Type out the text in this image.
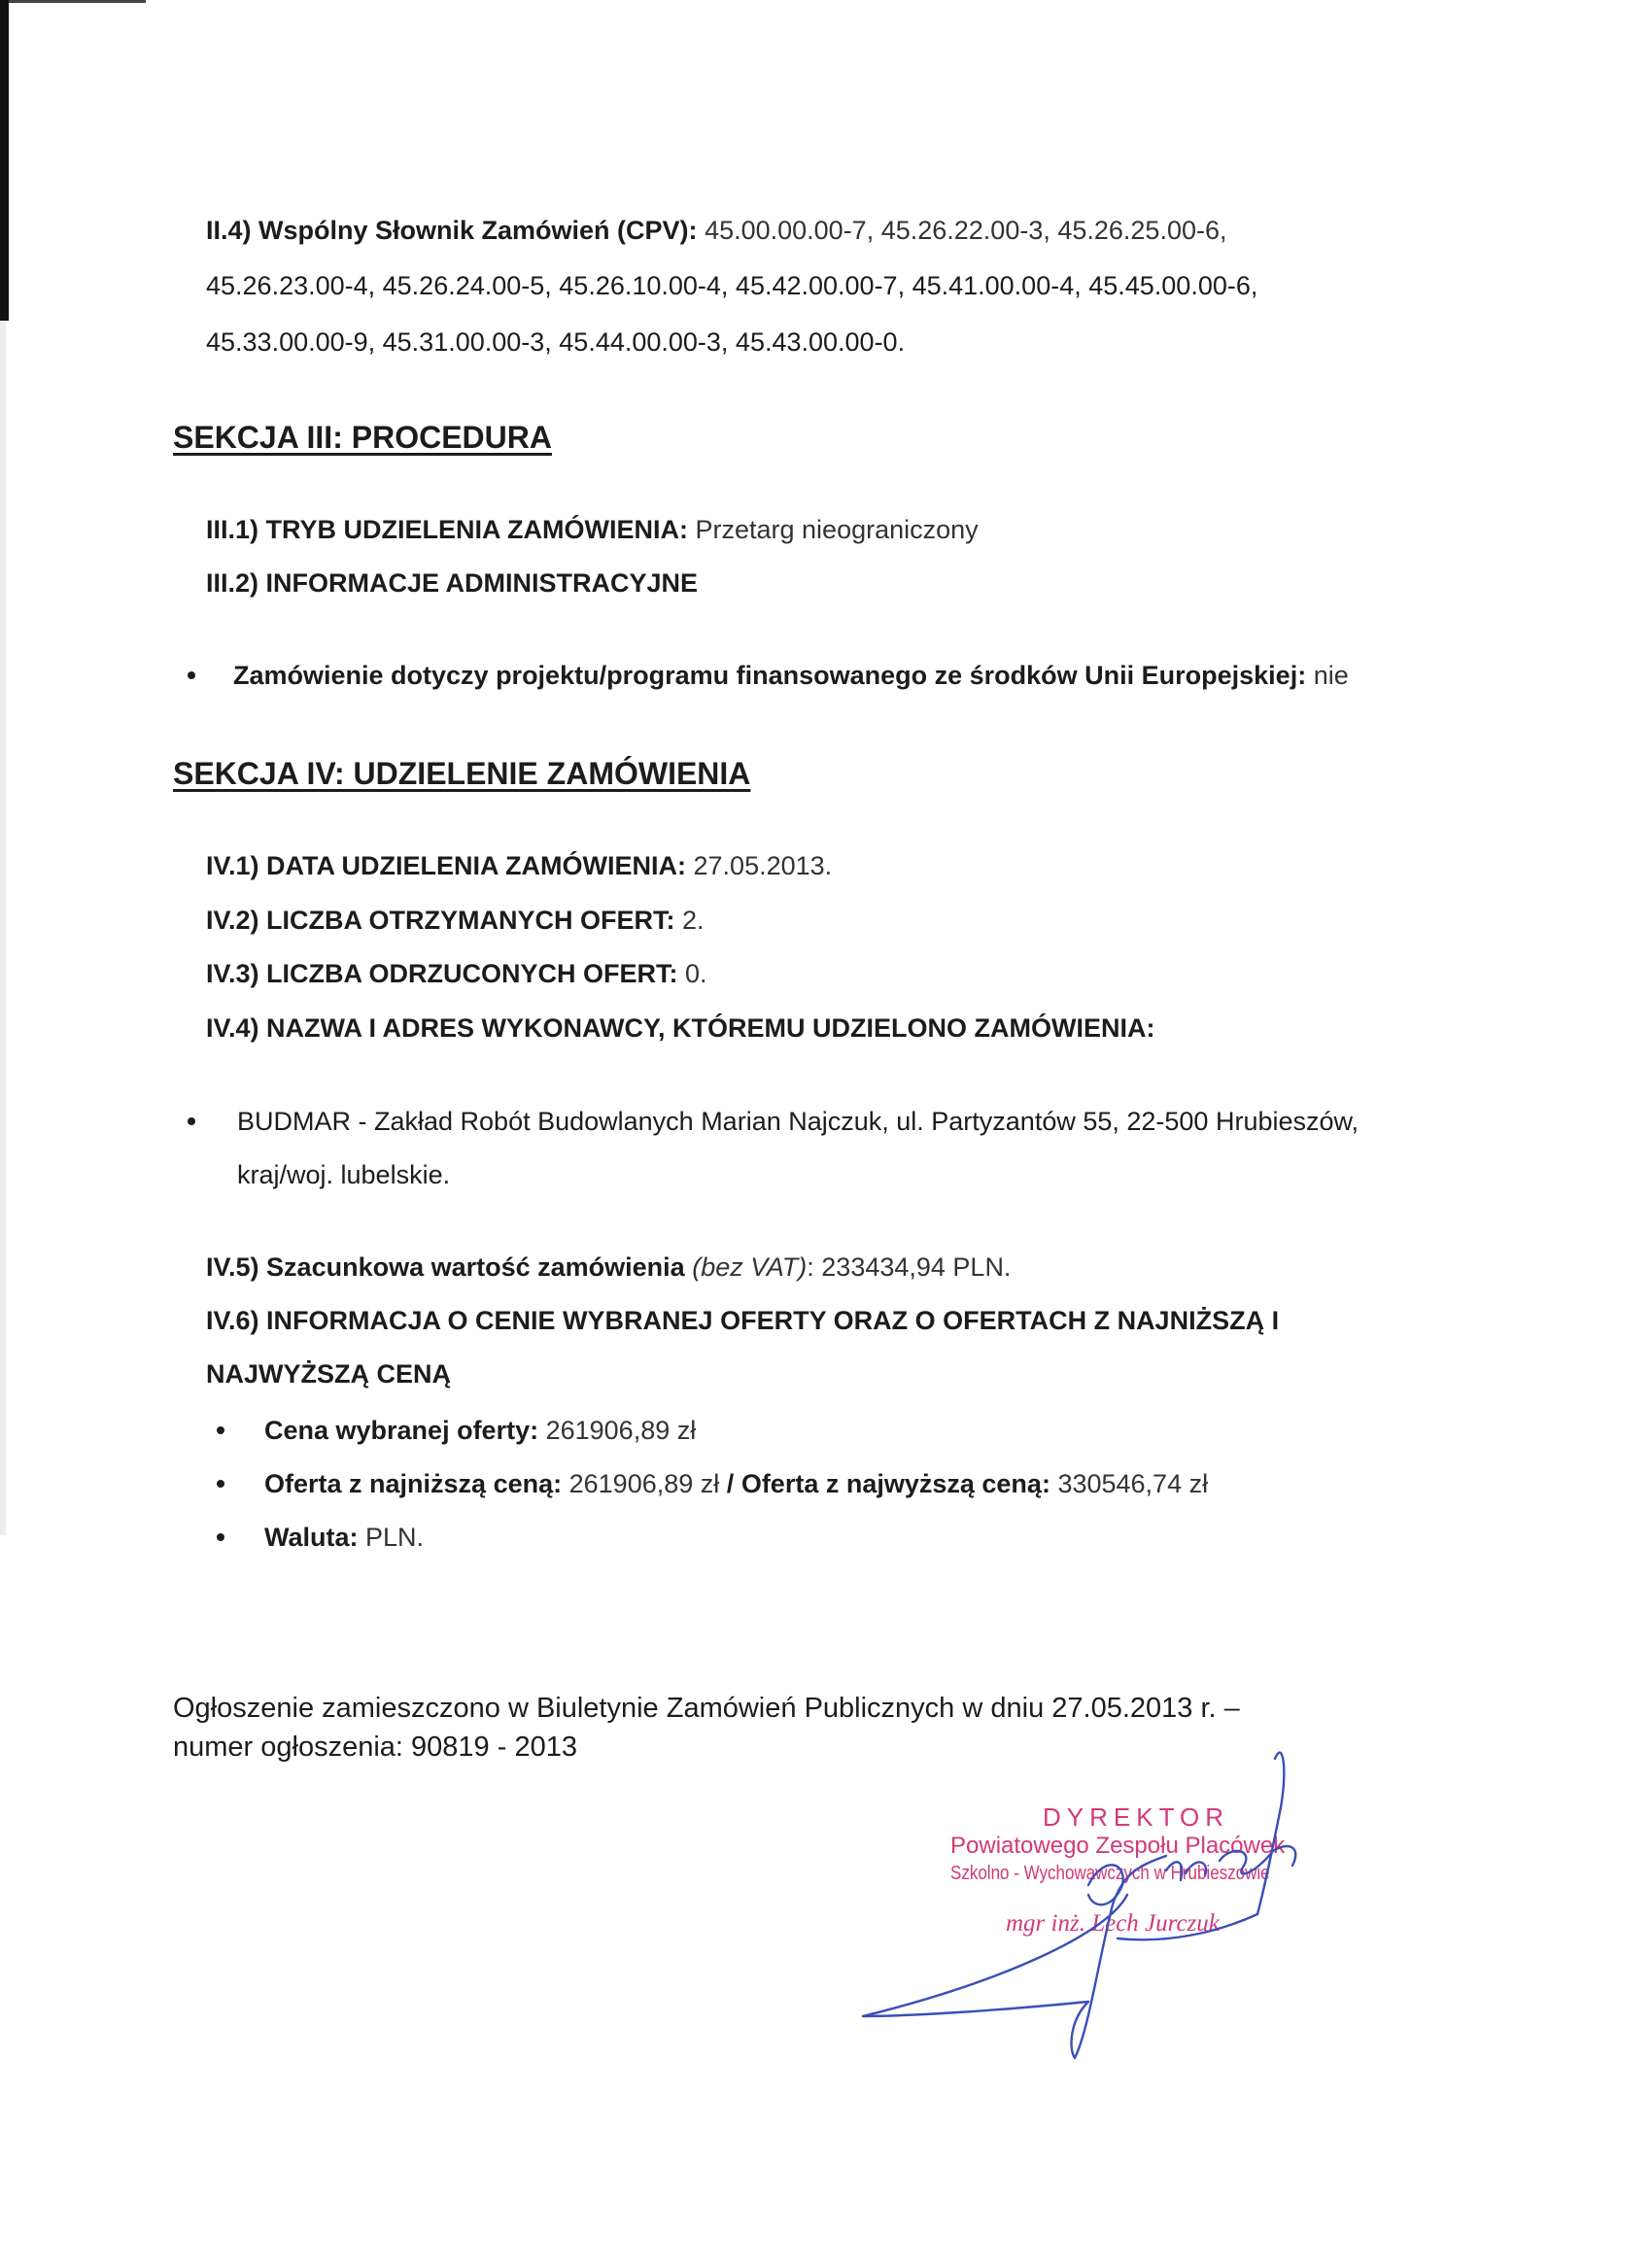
II.4) Wspólny Słownik Zamówień (CPV): 45.00.00.00-7, 45.26.22.00-3, 45.26.25.00-6,
45.26.23.00-4, 45.26.24.00-5, 45.26.10.00-4, 45.42.00.00-7, 45.41.00.00-4, 45.45.00.00-6,
45.33.00.00-9, 45.31.00.00-3, 45.44.00.00-3, 45.43.00.00-0.
SEKCJA III: PROCEDURA
III.1) TRYB UDZIELENIA ZAMÓWIENIA: Przetarg nieograniczony
III.2) INFORMACJE ADMINISTRACYJNE
Zamówienie dotyczy projektu/programu finansowanego ze środków Unii Europejskiej: nie
SEKCJA IV: UDZIELENIE ZAMÓWIENIA
IV.1) DATA UDZIELENIA ZAMÓWIENIA: 27.05.2013.
IV.2) LICZBA OTRZYMANYCH OFERT: 2.
IV.3) LICZBA ODRZUCONYCH OFERT: 0.
IV.4) NAZWA I ADRES WYKONAWCY, KTÓREMU UDZIELONO ZAMÓWIENIA:
BUDMAR - Zakład Robót Budowlanych Marian Najczuk, ul. Partyzantów 55, 22-500 Hrubieszów,
kraj/woj. lubelskie.
IV.5) Szacunkowa wartość zamówienia (bez VAT): 233434,94 PLN.
IV.6) INFORMACJA O CENIE WYBRANEJ OFERTY ORAZ O OFERTACH Z NAJNIŻSZĄ I
NAJWYŻSZĄ CENĄ
Cena wybranej oferty: 261906,89 zł
Oferta z najniższą ceną: 261906,89 zł / Oferta z najwyższą ceną: 330546,74 zł
Waluta: PLN.
Ogłoszenie zamieszczono w Biuletynie Zamówień Publicznych w dniu 27.05.2013 r. –
numer ogłoszenia: 90819 - 2013
DYREKTOR
Powiatowego Zespołu Placówek
Szkolno - Wychowawczych w Hrubieszowie
mgr inż. Lech Jurczuk
